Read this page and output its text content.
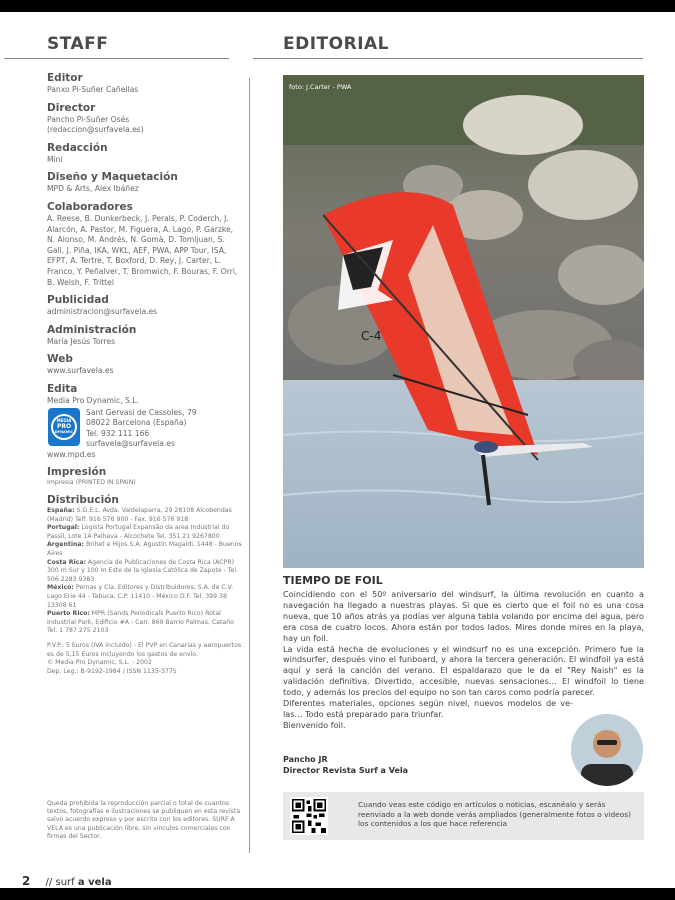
STAFF	EDITORIAL
Editor

Panxo Pi-Suñer Cañellas

Director

Pancho Pi-Suñer Osés

(redaccion@surfavela.es)

Redacción

Mini

Diseño y Maquetación

MPD & Arts, Alex Ibáñez

Colaboradores

A. Reese, B. Dunkerbeck, J. Perals, P. Coderch, J. Alarcón, A. Pastor, M. Figuera, A. Lago, P. Garzke, N. Alonso, M. Andrés, N. Gomà, D. Tomljuan, S. Gall, J. Piña, IKA, WKL, AEF, PWA, APP Tour, ISA, EFPT, A. Tertre, T. Boxford, D. Rey, J. Carter, L. Franco, Y. Peñalver, T. Bromwich, F. Bouras, F. Orri, B. Welsh, F. Trittel

Publicidad

administracion@surfavela.es

Administración

María Jesús Torres

Web

www.surfavela.es

Edita

Media Pro Dynamic, S.L.

MEDIA
PRO
DYNAMIC

Sant Gervasi de Cassoles, 79

08022 Barcelona (España)

Tel. 932 111 166

surfavela@surfavela.es

www.mpd.es

Impresión

Impresia (PRINTED IN SPAIN)

Distribución

España: S.G.E.L. Avda. Valdelaparra, 29 28108 Alcobendas (Madrid) Telf. 916 576 900 - Fax. 916 576 918

Portugal: Logista Portugal Expansão da area Industrial do Passil, Lote 1A Palhava - Alcochete Tel. 351 21 9267800

Argentina: Brihet e Hijos S.A. Agustín Magaldi, 1448 - Buenos Aires

Costa Rica: Agencia de Publicaciones de Costa Rica (ACPR) 300 m Sur y 100 m Este de la Iglesia Católica de Zapote - Tel. 506 2283 9383

México: Pernas y Cía. Editores y Distribuidores, S.A. de C.V. Lago Erie 44 - Tabuca, C.P. 11410 - México D.F. Tel. 399 38 13308 61

Puerto Rico: MPR (Sands Periodicals Puerto Rico) Rotal Industrial Park, Edificio #A - Carr. 869 Barrio Palmas, Cataño Tel. 1 787 275 2103

P.V.P.: 5 Euros (IVA incluido) - El PVP en Canarias y aeropuertos es de 5,15 Euros incluyendo los gastos de envío.

© Media Pro Dynamic, S.L. - 2002

Dep. Leg.: B-9192-1984 / ISSN 1135-3775

Queda prohibida la reproducción parcial o total de cuantos textos, fotografías e ilustraciones se publiquen en esta revista salvo acuerdo expreso y por escrito con los editores. SURF A VELA es una publicación libre, sin vínculos comerciales con firmas del Sector.

C-4
foto: J.Carter - PWA
TIEMPO DE FOIL

Coincidiendo con el 50º aniversario del windsurf, la última revolución en cuanto a navegación ha llegado a nuestras playas. Si que es cierto que el foil no es una cosa nueva, que 10 años atrás ya podías ver alguna tabla volando por encima del agua, pero era cosa de cuatro locos. Ahora están por todos lados. Mires donde mires en la playa, hay un foil.

La vida está hecha de evoluciones y el windsurf no es una excepción. Primero fue la windsurfer, después vino el funboard, y ahora la tercera generación. El windfoil ya está aquí y será la canción del verano. El espaldarazo que le da el "Rey Naish" es la validación definitiva. Divertido, accesible, nuevas sensaciones… El windfoil lo tiene todo, y además los precios del equipo no son tan caros como podría parecer.

Diferentes materiales, opciones según nivel, nuevos modelos de ve-las… Todo está preparado para triunfar.

Bienvenido foil.

Pancho JR
Director Revista Surf a Vela
Cuando veas este código en artículos o noticias, escanéalo y serás reenviado a la web donde verás ampliados (generalmente fotos o videos) los contenidos a los que hace referencia
2 // surf a vela
